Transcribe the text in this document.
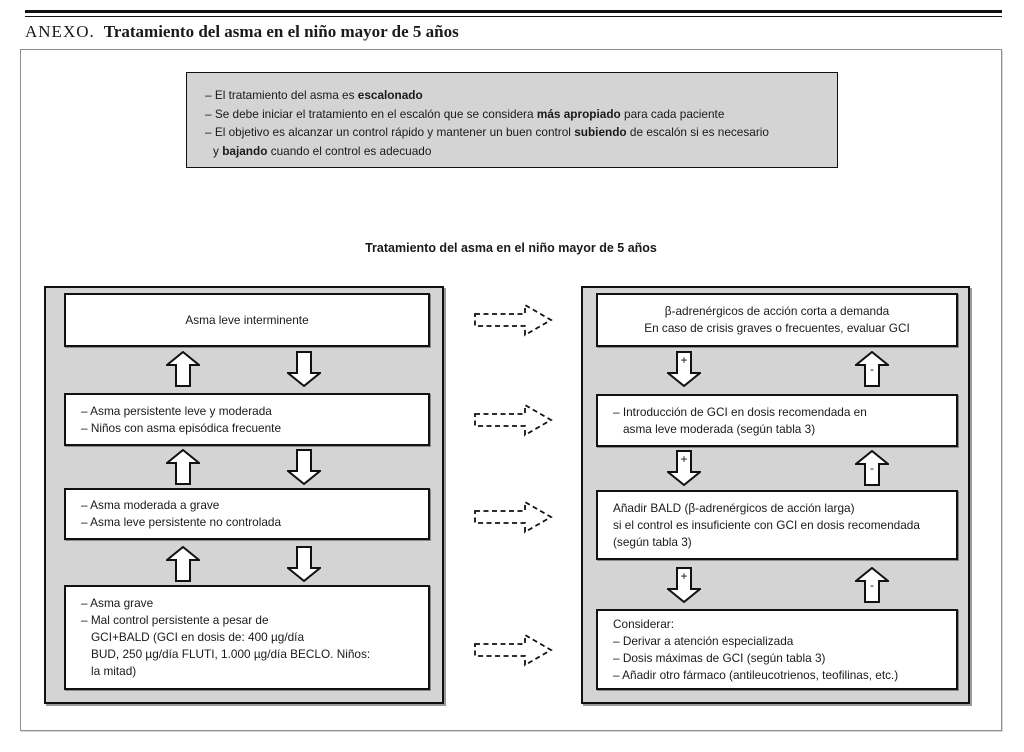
ANEXO. Tratamiento del asma en el niño mayor de 5 años
– El tratamiento del asma es escalonado
– Se debe iniciar el tratamiento en el escalón que se considera más apropiado para cada paciente
– El objetivo es alcanzar un control rápido y mantener un buen control subiendo de escalón si es necesario
y bajando cuando el control es adecuado
Tratamiento del asma en el niño mayor de 5 años
Asma leve interminente
– Asma persistente leve y moderada
– Niños con asma episódica frecuente
– Asma moderada a grave
– Asma leve persistente no controlada
– Asma grave
– Mal control persistente a pesar de
GCI+BALD (GCI en dosis de: 400 µg/día
BUD, 250 µg/día FLUTI, 1.000 µg/día BECLO. Niños:
la mitad)
β-adrenérgicos de acción corta a demanda
En caso de crisis graves o frecuentes, evaluar GCI
+
-
– Introducción de GCI en dosis recomendada en
asma leve moderada (según tabla 3)
+
-
Añadir BALD (β-adrenérgicos de acción larga)
si el control es insuficiente con GCI en dosis recomendada
(según tabla 3)
+
-
Considerar:
– Derivar a atención especializada
– Dosis máximas de GCI (según tabla 3)
– Añadir otro fármaco (antileucotrienos, teofilinas, etc.)
